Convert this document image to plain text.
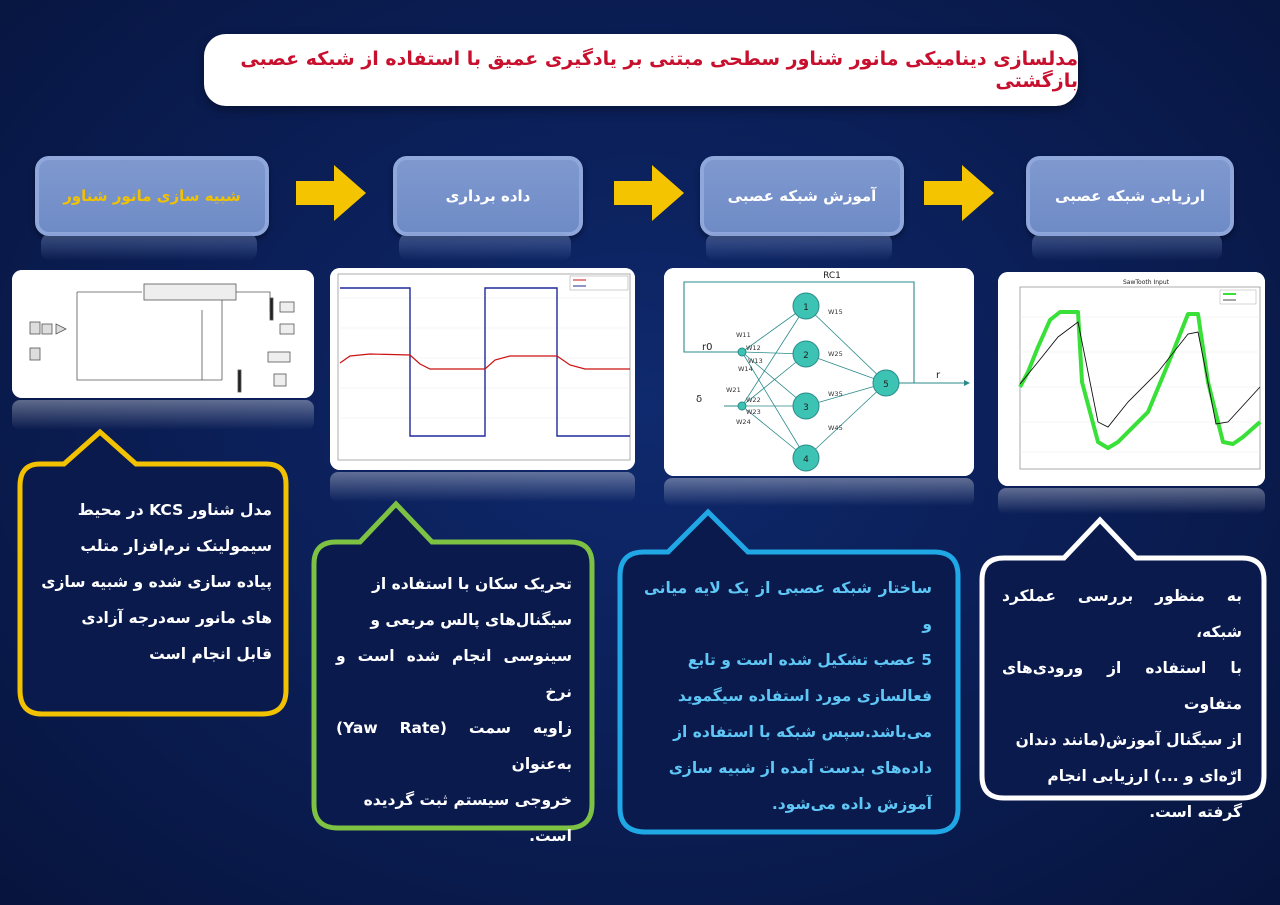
مدلسازی دینامیکی مانور شناور سطحی مبتنی بر یادگیری عمیق با استفاده از شبکه عصبی بازگشتی
ارزیابی شبکه عصبی
آموزش شبکه عصبی
داده برداری
شبیه سازی مانور شناور
RC1
1
2
3
4
5
r0
δ
r
W11
W12
W13
W14
W21
W22
W23
W24
W15
W25
W35
W45
SawTooth Input
مدل شناور KCS در محیط
سیمولینک نرم‌افزار متلب
پیاده سازی شده و شبیه سازی
های مانور سه‌درجه آزادی
قابل انجام است
تحریک سکان با استفاده از
سیگنال‌های پالس مربعی و
سینوسی انجام شده است و نرخ
زاویه سمت (Yaw Rate) به‌عنوان
خروجی سیستم ثبت گردیده
است.
ساختار شبکه عصبی از یک لایه میانی و
5 عصب تشکیل شده است و تابع
فعالسازی مورد استفاده سیگموید
می‌باشد.سپس شبکه با استفاده از
داده‌های بدست آمده از شبیه سازی
آموزش داده می‌شود.
به منظور بررسی عملکرد شبکه،
با استفاده از ورودی‌های متفاوت
از سیگنال آموزش(مانند دندان
ارّه‌ای و ...) ارزیابی انجام
گرفته است.
